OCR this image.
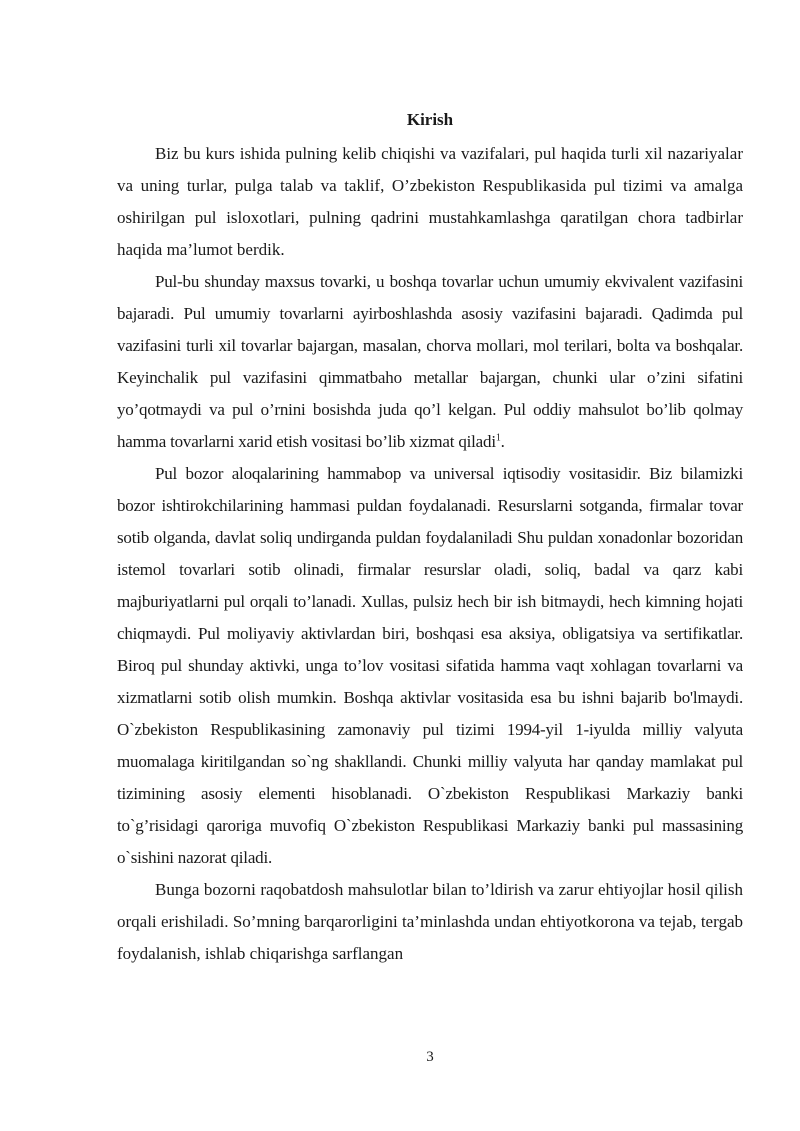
Kirish

Biz bu kurs ishida pulning kelib chiqishi va vazifalari, pul haqida turli xil nazariyalar va uning turlar, pulga talab va taklif, O’zbekiston Respublikasida pul tizimi va amalga oshirilgan pul isloxotlari, pulning qadrini mustahkamlashga qaratilgan chora tadbirlar haqida ma’lumot berdik.

Pul-bu shunday maxsus tovarki, u boshqa tovarlar uchun umumiy ekvivalent vazifasini bajaradi. Pul umumiy tovarlarni ayirboshlashda asosiy vazifasini bajaradi. Qadimda pul vazifasini turli xil tovarlar bajargan, masalan, chorva mollari, mol terilari, bolta va boshqalar. Keyinchalik pul vazifasini qimmatbaho metallar bajargan, chunki ular o’zini sifatini yo’qotmaydi va pul o’rnini bosishda juda qo’l kelgan. Pul oddiy mahsulot bo’lib qolmay hamma tovarlarni xarid etish vositasi bo’lib xizmat qiladi$^1$.

Pul bozor aloqalarining hammabop va universal iqtisodiy vositasidir. Biz bilamizki bozor ishtirokchilarining hammasi puldan foydalanadi. Resurslarni sotganda, firmalar tovar sotib olganda, davlat soliq undirganda puldan foydalaniladi Shu puldan xonadonlar bozoridan istemol tovarlari sotib olinadi, firmalar resurslar oladi, soliq, badal va qarz kabi majburiyatlarni pul orqali to’lanadi. Xullas, pulsiz hech bir ish bitmaydi, hech kimning hojati chiqmaydi. Pul moliyaviy aktivlardan biri, boshqasi esa aksiya, obligatsiya va sertifikatlar. Biroq pul shunday aktivki, unga to’lov vositasi sifatida hamma vaqt xohlagan tovarlarni va xizmatlarni sotib olish mumkin. Boshqa aktivlar vositasida esa bu ishni bajarib bo'lmaydi. O`zbekiston Respublikasining zamonaviy pul tizimi 1994-yil 1-iyulda milliy valyuta muomalaga kiritilgandan so`ng shakllandi. Chunki milliy valyuta har qanday mamlakat pul tizimining asosiy elementi hisoblanadi. O`zbekiston Respublikasi Markaziy banki to`g’risidagi qaroriga muvofiq O`zbekiston Respublikasi Markaziy banki pul massasining o`sishini nazorat qiladi.

Bunga bozorni raqobatdosh mahsulotlar bilan to’ldirish va zarur ehtiyojlar hosil qilish orqali erishiladi. So’mning barqarorligini ta’minlashda undan ehtiyotkorona va tejab, tergab foydalanish, ishlab chiqarishga sarflangan

3
